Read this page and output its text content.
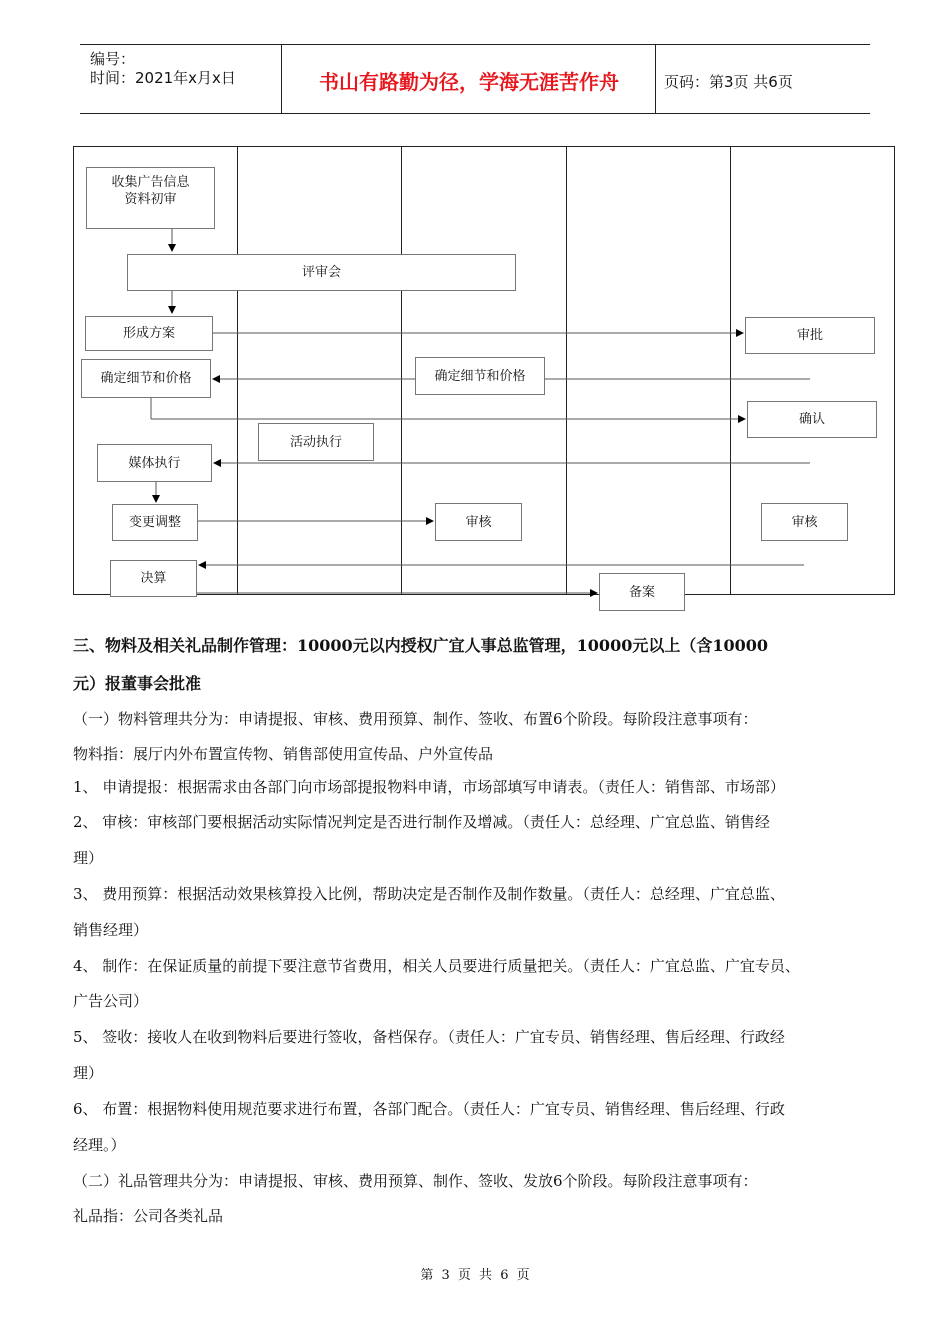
编号：
时间：2021年x月x日	书山有路勤为径，学海无涯苦作舟	页码：第3页 共6页
收集广告信息
资料初审
评审会
形成方案	审批
确定细节和价格	确定细节和价格
确认
活动执行
媒体执行
变更调整	审核	审核
决算
备案
三、物料及相关礼品制作管理：10000元以内授权广宜人事总监管理，10000元以上（含10000
元）报董事会批准
（一）物料管理共分为：申请提报、审核、费用预算、制作、签收、布置6个阶段。每阶段注意事项有：
物料指：展厅内外布置宣传物、销售部使用宣传品、户外宣传品
1、 申请提报：根据需求由各部门向市场部提报物料申请，市场部填写申请表。（责任人：销售部、市场部）
2、 审核：审核部门要根据活动实际情况判定是否进行制作及增减。（责任人：总经理、广宜总监、销售经
理）
3、 费用预算：根据活动效果核算投入比例，帮助决定是否制作及制作数量。（责任人：总经理、广宜总监、
销售经理）
4、 制作：在保证质量的前提下要注意节省费用，相关人员要进行质量把关。（责任人：广宜总监、广宜专员、
广告公司）
5、 签收：接收人在收到物料后要进行签收，备档保存。（责任人：广宜专员、销售经理、售后经理、行政经
理）
6、 布置：根据物料使用规范要求进行布置，各部门配合。（责任人：广宜专员、销售经理、售后经理、行政
经理。）
（二）礼品管理共分为：申请提报、审核、费用预算、制作、签收、发放6个阶段。每阶段注意事项有：
礼品指：公司各类礼品
第 3 页 共 6 页
